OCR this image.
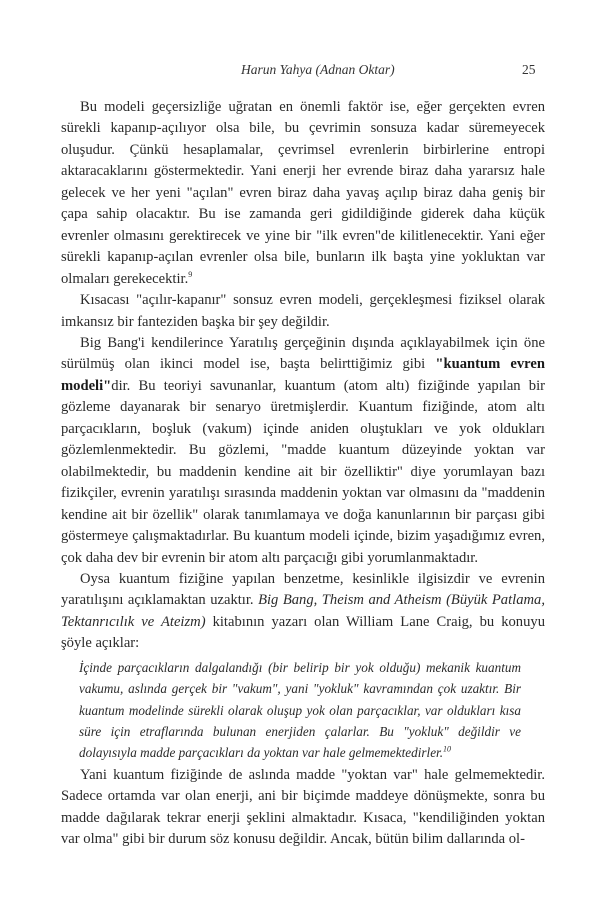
Harun Yahya (Adnan Oktar)	25

Bu modeli geçersizliğe uğratan en önemli faktör ise, eğer gerçekten evren sürekli kapanıp-açılıyor olsa bile, bu çevrimin sonsuza kadar süremeyecek oluşudur. Çünkü hesaplamalar, çevrimsel evrenlerin birbirlerine entropi aktaracaklarını göstermektedir. Yani enerji her evrende biraz daha yararsız hale gelecek ve her yeni "açılan" evren biraz daha yavaş açılıp biraz daha geniş bir çapa sahip olacaktır. Bu ise zamanda geri gidildiğinde giderek daha küçük evrenler olmasını gerektirecek ve yine bir "ilk evren"de kilitlenecektir. Yani eğer sürekli kapanıp-açılan evrenler olsa bile, bunların ilk başta yine yokluktan var olmaları gerekecektir.$^9$

Kısacası "açılır-kapanır" sonsuz evren modeli, gerçekleşmesi fiziksel olarak imkansız bir fanteziden başka bir şey değildir.

Big Bang'i kendilerince Yaratılış gerçeğinin dışında açıklayabilmek için öne sürülmüş olan ikinci model ise, başta belirttiğimiz gibi "kuantum evren modeli"dir. Bu teoriyi savunanlar, kuantum (atom altı) fiziğinde yapılan bir gözleme dayanarak bir senaryo üretmişlerdir. Kuantum fiziğinde, atom altı parçacıkların, boşluk (vakum) içinde aniden oluştukları ve yok oldukları gözlemlenmektedir. Bu gözlemi, "madde kuantum düzeyinde yoktan var olabilmektedir, bu maddenin kendine ait bir özelliktir" diye yorumlayan bazı fizikçiler, evrenin yaratılışı sırasında maddenin yoktan var olmasını da "maddenin kendine ait bir özellik" olarak tanımlamaya ve doğa kanunlarının bir parçası gibi göstermeye çalışmaktadırlar. Bu kuantum modeli içinde, bizim yaşadığımız evren, çok daha dev bir evrenin bir atom altı parçacığı gibi yorumlanmaktadır.

Oysa kuantum fiziğine yapılan benzetme, kesinlikle ilgisizdir ve evrenin yaratılışını açıklamaktan uzaktır. Big Bang, Theism and Atheism (Büyük Patlama, Tektanrıcılık ve Ateizm) kitabının yazarı olan William Lane Craig, bu konuyu şöyle açıklar:

İçinde parçacıkların dalgalandığı (bir belirip bir yok olduğu) mekanik kuantum vakumu, aslında gerçek bir "vakum", yani "yokluk" kavramından çok uzaktır. Bir kuantum modelinde sürekli olarak oluşup yok olan parçacıklar, var oldukları kısa süre için etraflarında bulunan enerjiden çalarlar. Bu "yokluk" değildir ve dolayısıyla madde parçacıkları da yoktan var hale gelmemektedirler.$^{10}$

Yani kuantum fiziğinde de aslında madde "yoktan var" hale gelmemektedir. Sadece ortamda var olan enerji, ani bir biçimde maddeye dönüşmekte, sonra bu madde dağılarak tekrar enerji şeklini almaktadır. Kısaca, "kendiliğinden yoktan var olma" gibi bir durum söz konusu değildir. Ancak, bütün bilim dallarında ol-
